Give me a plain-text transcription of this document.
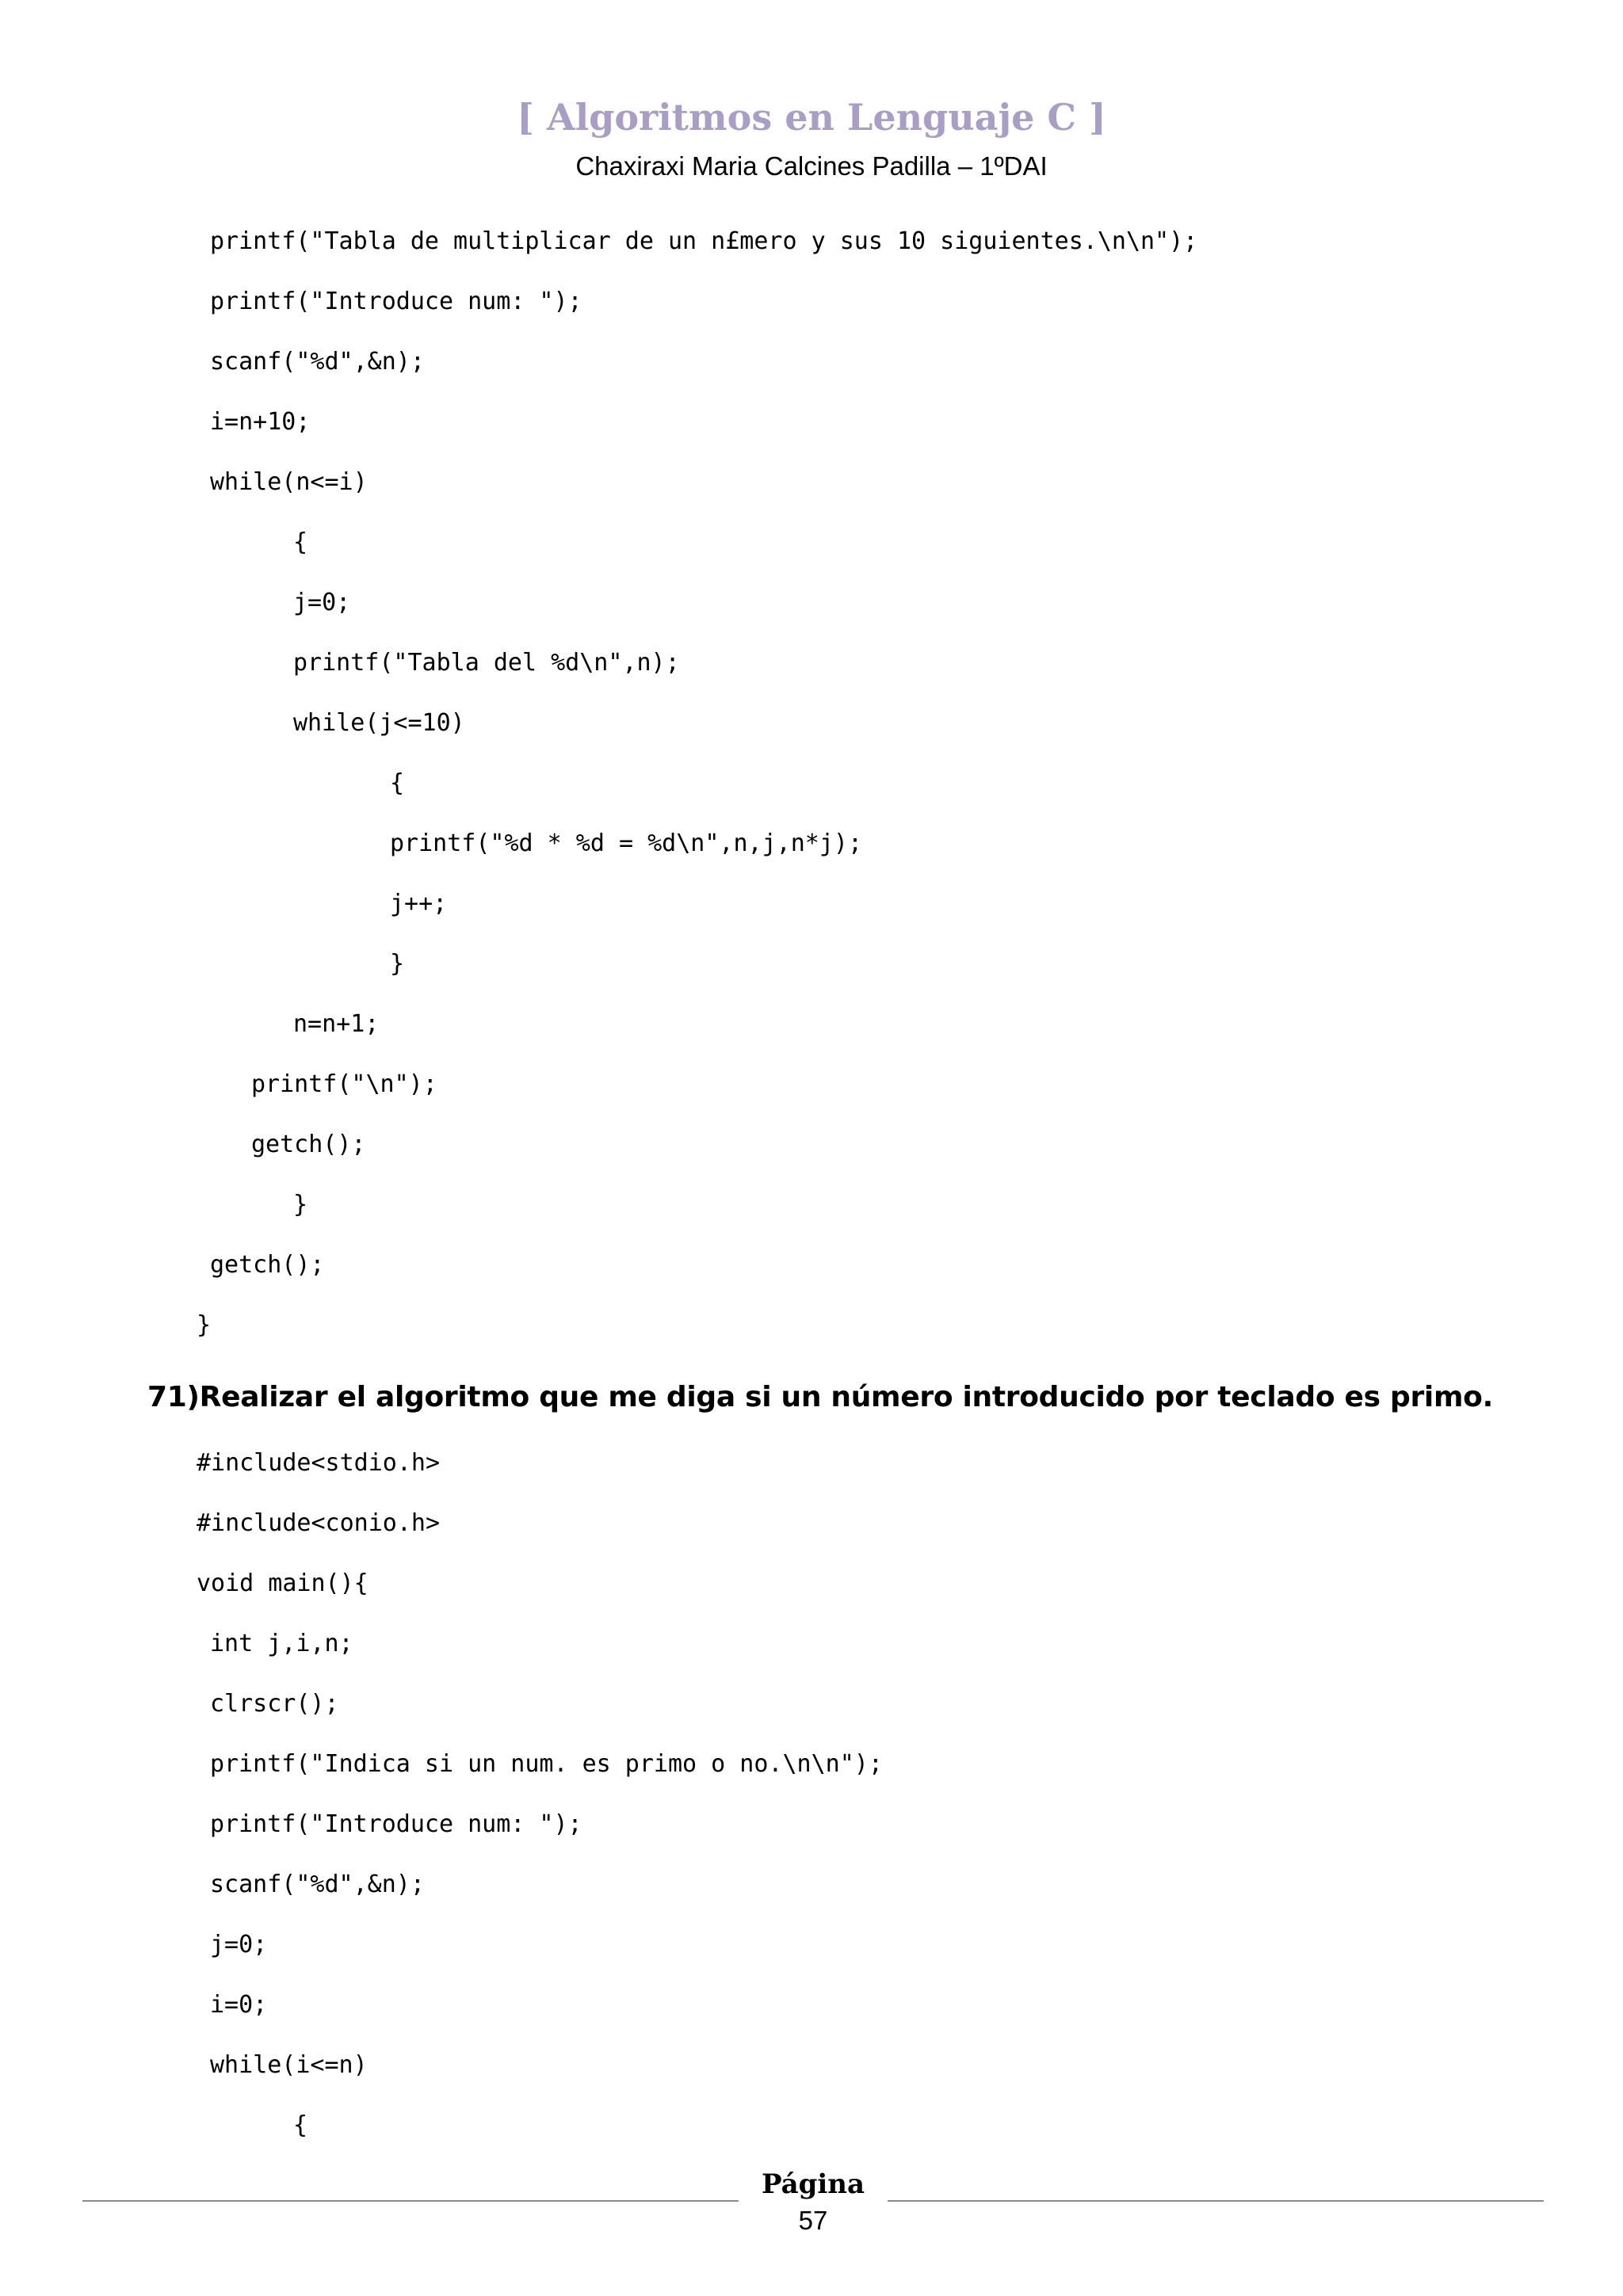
[ Algoritmos en Lenguaje C ]
Chaxiraxi Maria Calcines Padilla – 1ºDAI
printf("Tabla de multiplicar de un n£mero y sus 10 siguientes.\n\n");
printf("Introduce num: ");
scanf("%d",&n);
i=n+10;
while(n<=i)
{
j=0;
printf("Tabla del %d\n",n);
while(j<=10)
{
printf("%d * %d = %d\n",n,j,n*j);
j++;
}
n=n+1;
printf("\n");
getch();
}
getch();
}
71)Realizar el algoritmo que me diga si un número introducido por teclado es primo.
#include<stdio.h>
#include<conio.h>
void main(){
int j,i,n;
clrscr();
printf("Indica si un num. es primo o no.\n\n");
printf("Introduce num: ");
scanf("%d",&n);
j=0;
i=0;
while(i<=n)
{
Página
57
